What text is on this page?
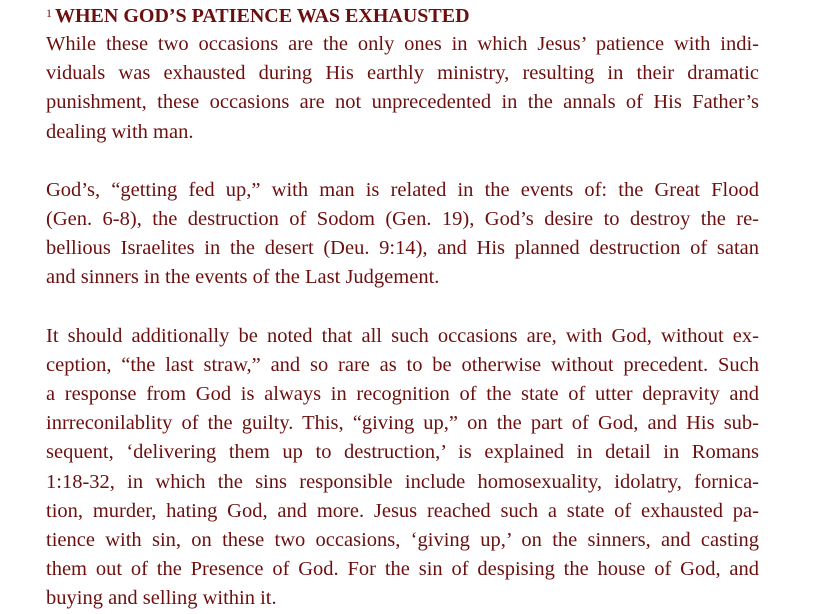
$^1$ WHEN GOD’S PATIENCE WAS EXHAUSTED

While these two occasions are the only ones in which Jesus’ patience with indi-
viduals was exhausted during His earthly ministry, resulting in their dramatic
punishment, these occasions are not unprecedented in the annals of His Father’s
dealing with man.

God’s, “getting fed up,” with man is related in the events of: the Great Flood
(Gen. 6-8), the destruction of Sodom (Gen. 19), God’s desire to destroy the re-
bellious Israelites in the desert (Deu. 9:14), and His planned destruction of satan
and sinners in the events of the Last Judgement.

It should additionally be noted that all such occasions are, with God, without ex-
ception, “the last straw,” and so rare as to be otherwise without precedent. Such
a response from God is always in recognition of the state of utter depravity and
inrreconilablity of the guilty. This, “giving up,” on the part of God, and His sub-
sequent, ‘delivering them up to destruction,’ is explained in detail in Romans
1:18-32, in which the sins responsible include homosexuality, idolatry, fornica-
tion, murder, hating God, and more. Jesus reached such a state of exhausted pa-
tience with sin, on these two occasions, ‘giving up,’ on the sinners, and casting
them out of the Presence of God. For the sin of despising the house of God, and
buying and selling within it.
